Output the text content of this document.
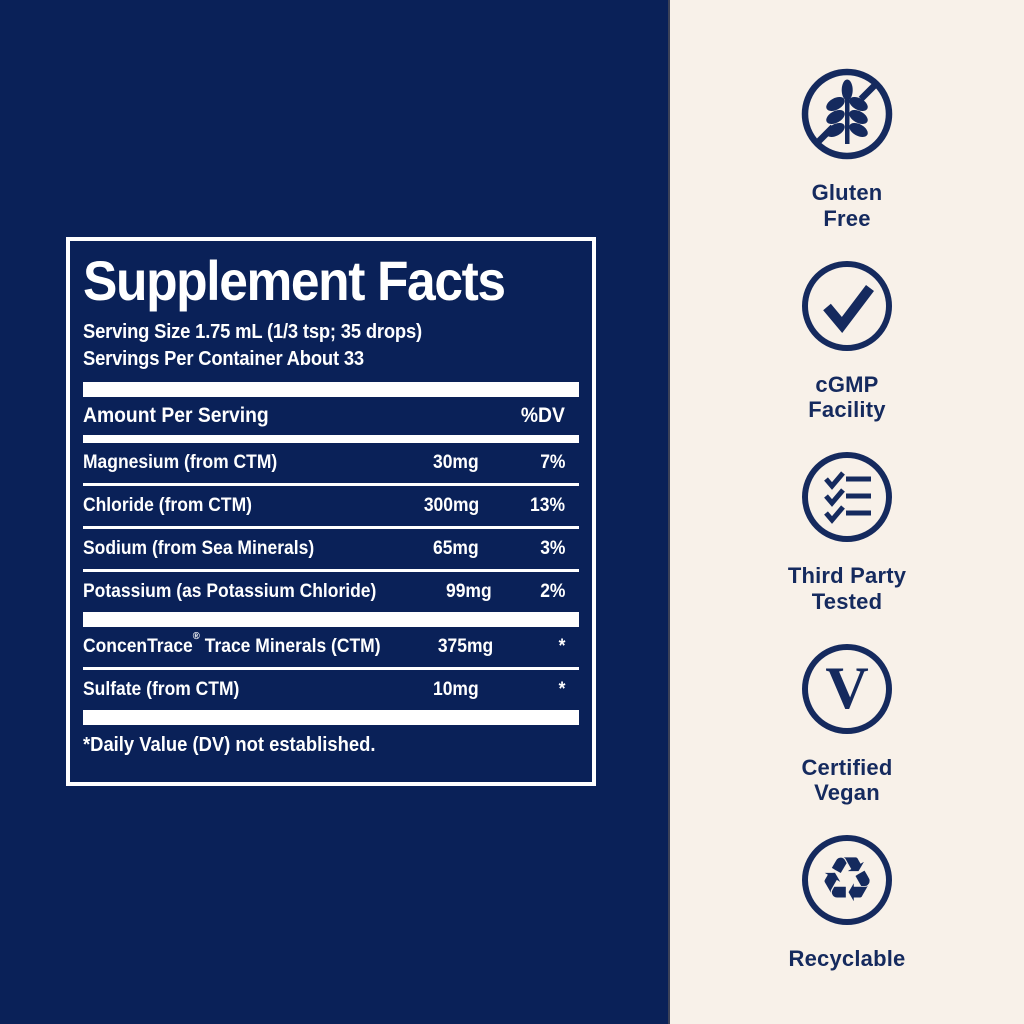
Supplement Facts
Serving Size 1.75 mL (1/3 tsp; 35 drops)
Servings Per Container About 33
Amount Per Serving	%DV
Magnesium (from CTM)	30mg	7%
Chloride (from CTM)	300mg	13%
Sodium (from Sea Minerals)	65mg	3%
Potassium (as Potassium Chloride)	99mg	2%
ConcenTrace® Trace Minerals (CTM)	375mg	*
Sulfate (from CTM)	10mg	*
*Daily Value (DV) not established.
Gluten
Free
cGMP
Facility
Third Party
Tested
V
Certified
Vegan
♻︎
Recyclable
